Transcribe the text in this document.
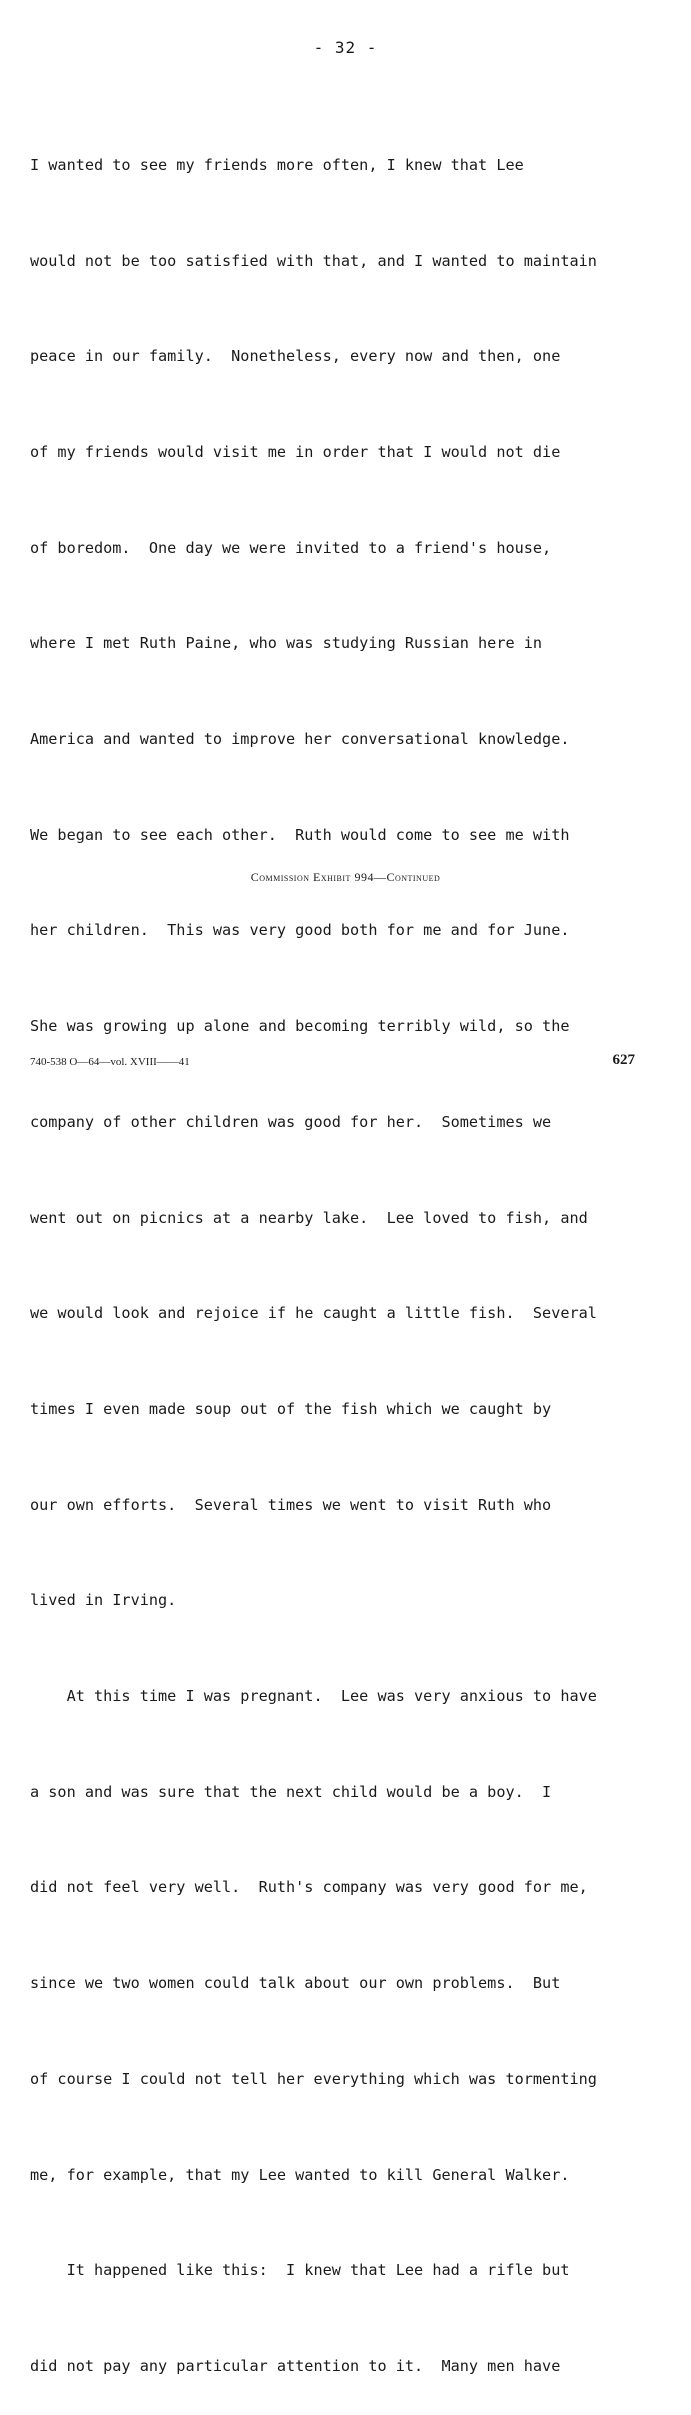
- 32 -

I wanted to see my friends more often, I knew that Lee

would not be too satisfied with that, and I wanted to maintain

peace in our family.  Nonetheless, every now and then, one

of my friends would visit me in order that I would not die

of boredom.  One day we were invited to a friend's house,

where I met Ruth Paine, who was studying Russian here in

America and wanted to improve her conversational knowledge.

We began to see each other.  Ruth would come to see me with

her children.  This was very good both for me and for June.

She was growing up alone and becoming terribly wild, so the

company of other children was good for her.  Sometimes we

went out on picnics at a nearby lake.  Lee loved to fish, and

we would look and rejoice if he caught a little fish.  Several

times I even made soup out of the fish which we caught by

our own efforts.  Several times we went to visit Ruth who

lived in Irving.

At this time I was pregnant.  Lee was very anxious to have

a son and was sure that the next child would be a boy.  I

did not feel very well.  Ruth's company was very good for me,

since we two women could talk about our own problems.  But

of course I could not tell her everything which was tormenting

me, for example, that my Lee wanted to kill General Walker.

It happened like this:  I knew that Lee had a rifle but

did not pay any particular attention to it.  Many men have

Commission Exhibit 994—Continued
740-538 O—64—vol. XVIII——41	627
